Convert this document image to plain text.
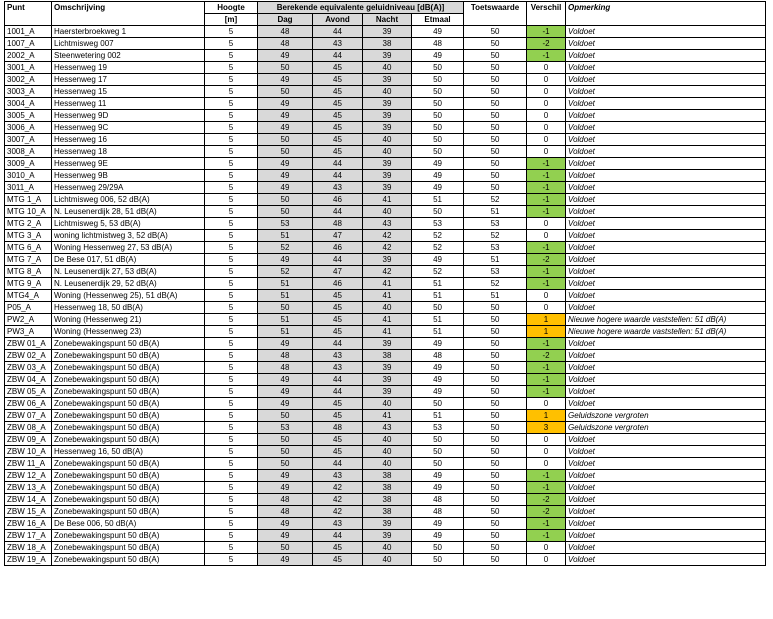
Punt	Omschrijving	Hoogte	Berekende equivalente geluidniveau [dB(A)]				Toetswaarde	Verschil	Opmerking
		[m]	Dag	Avond	Nacht	Etmaal			
1001_A	Haersterbroekweg 1	5	48	44	39	49	50	-1	Voldoet
1007_A	Lichtmisweg 007	5	48	43	38	48	50	-2	Voldoet
2002_A	Steenwetering 002	5	49	44	39	49	50	-1	Voldoet
3001_A	Hessenweg 19	5	50	45	40	50	50	0	Voldoet
3002_A	Hessenweg 17	5	49	45	39	50	50	0	Voldoet
3003_A	Hessenweg 15	5	50	45	40	50	50	0	Voldoet
3004_A	Hessenweg 11	5	49	45	39	50	50	0	Voldoet
3005_A	Hessenweg 9D	5	49	45	39	50	50	0	Voldoet
3006_A	Hessenweg 9C	5	49	45	39	50	50	0	Voldoet
3007_A	Hessenweg 16	5	50	45	40	50	50	0	Voldoet
3008_A	Hessenweg 18	5	50	45	40	50	50	0	Voldoet
3009_A	Hessenweg 9E	5	49	44	39	49	50	-1	Voldoet
3010_A	Hessenweg 9B	5	49	44	39	49	50	-1	Voldoet
3011_A	Hessenweg 29/29A	5	49	43	39	49	50	-1	Voldoet
MTG 1_A	Lichtmisweg 006, 52 dB(A)	5	50	46	41	51	52	-1	Voldoet
MTG 10_A	N. Leusenerdijk 28, 51 dB(A)	5	50	44	40	50	51	-1	Voldoet
MTG 2_A	Lichtmisweg 5, 53 dB(A)	5	53	48	43	53	53	0	Voldoet
MTG 3_A	woning lichtmistweg 3, 52 dB(A)	5	51	47	42	52	52	0	Voldoet
MTG 6_A	Woning Hessenweg 27, 53 dB(A)	5	52	46	42	52	53	-1	Voldoet
MTG 7_A	De Bese 017, 51 dB(A)	5	49	44	39	49	51	-2	Voldoet
MTG 8_A	N. Leusenerdijk 27, 53 dB(A)	5	52	47	42	52	53	-1	Voldoet
MTG 9_A	N. Leusenerdijk 29, 52 dB(A)	5	51	46	41	51	52	-1	Voldoet
MTG4_A	Woning (Hessenweg 25), 51 dB(A)	5	51	45	41	51	51	0	Voldoet
P05_A	Hessenweg 18, 50 dB(A)	5	50	45	40	50	50	0	Voldoet
PW2_A	Woning (Hessenweg 21)	5	51	45	41	51	50	1	Nieuwe hogere waarde vaststellen: 51 dB(A)
PW3_A	Woning (Hessenweg 23)	5	51	45	41	51	50	1	Nieuwe hogere waarde vaststellen: 51 dB(A)
ZBW 01_A	Zonebewakingspunt 50 dB(A)	5	49	44	39	49	50	-1	Voldoet
ZBW 02_A	Zonebewakingspunt 50 dB(A)	5	48	43	38	48	50	-2	Voldoet
ZBW 03_A	Zonebewakingspunt 50 dB(A)	5	48	43	39	49	50	-1	Voldoet
ZBW 04_A	Zonebewakingspunt 50 dB(A)	5	49	44	39	49	50	-1	Voldoet
ZBW 05_A	Zonebewakingspunt 50 dB(A)	5	49	44	39	49	50	-1	Voldoet
ZBW 06_A	Zonebewakingspunt 50 dB(A)	5	49	45	40	50	50	0	Voldoet
ZBW 07_A	Zonebewakingspunt 50 dB(A)	5	50	45	41	51	50	1	Geluidszone vergroten
ZBW 08_A	Zonebewakingspunt 50 dB(A)	5	53	48	43	53	50	3	Geluidszone vergroten
ZBW 09_A	Zonebewakingspunt 50 dB(A)	5	50	45	40	50	50	0	Voldoet
ZBW 10_A	Hessenweg 16, 50 dB(A)	5	50	45	40	50	50	0	Voldoet
ZBW 11_A	Zonebewakingspunt 50 dB(A)	5	50	44	40	50	50	0	Voldoet
ZBW 12_A	Zonebewakingspunt 50 dB(A)	5	49	43	38	49	50	-1	Voldoet
ZBW 13_A	Zonebewakingspunt 50 dB(A)	5	49	42	38	49	50	-1	Voldoet
ZBW 14_A	Zonebewakingspunt 50 dB(A)	5	48	42	38	48	50	-2	Voldoet
ZBW 15_A	Zonebewakingspunt 50 dB(A)	5	48	42	38	48	50	-2	Voldoet
ZBW 16_A	De Bese 006, 50 dB(A)	5	49	43	39	49	50	-1	Voldoet
ZBW 17_A	Zonebewakingspunt 50 dB(A)	5	49	44	39	49	50	-1	Voldoet
ZBW 18_A	Zonebewakingspunt 50 dB(A)	5	50	45	40	50	50	0	Voldoet
ZBW 19_A	Zonebewakingspunt 50 dB(A)	5	49	45	40	50	50	0	Voldoet
